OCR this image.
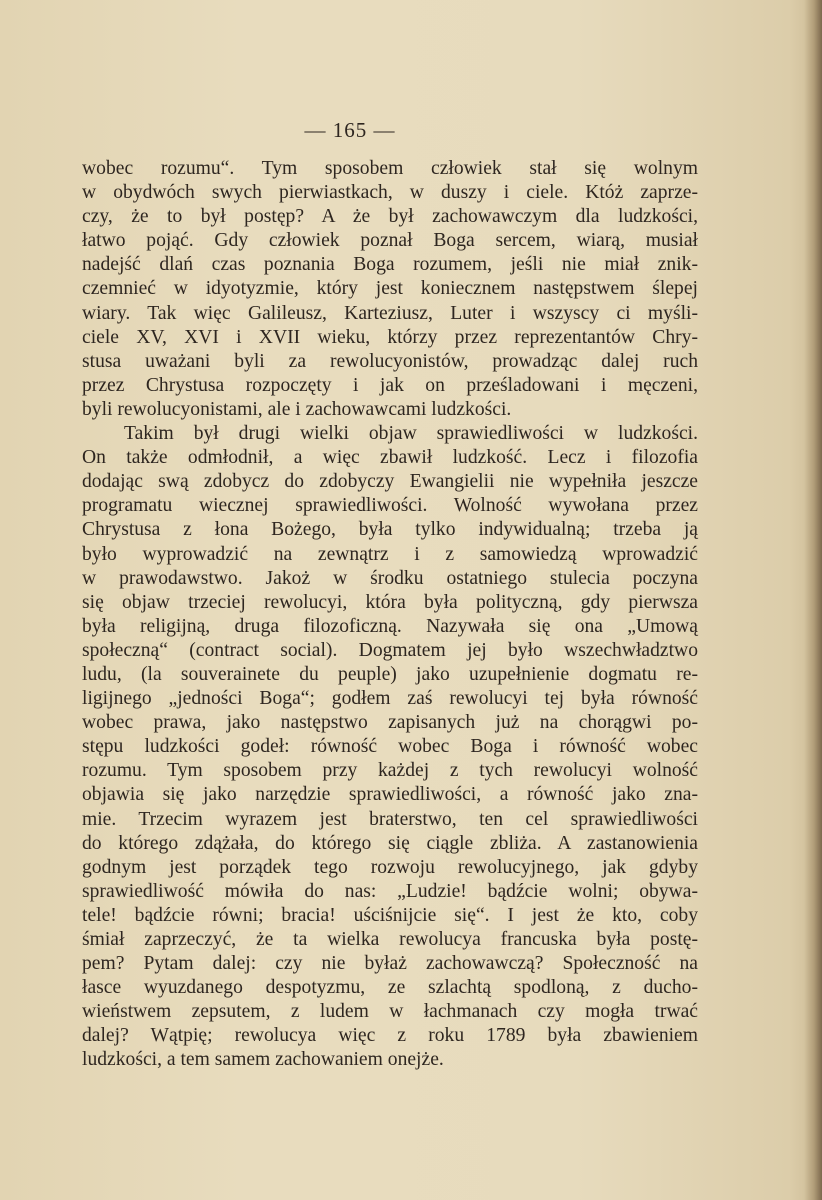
— 165 —
wobec rozumu“. Tym sposobem człowiek stał się wolnym
w obydwóch swych pierwiastkach, w duszy i ciele. Któż zaprze-
czy, że to był postęp? A że był zachowawczym dla ludzkości,
łatwo pojąć. Gdy człowiek poznał Boga sercem, wiarą, musiał
nadejść dlań czas poznania Boga rozumem, jeśli nie miał znik-
czemnieć w idyotyzmie, który jest koniecznem następstwem ślepej
wiary. Tak więc Galileusz, Karteziusz, Luter i wszyscy ci myśli-
ciele XV, XVI i XVII wieku, którzy przez reprezentantów Chry-
stusa uważani byli za rewolucyonistów, prowadząc dalej ruch
przez Chrystusa rozpoczęty i jak on prześladowani i męczeni,
byli rewolucyonistami, ale i zachowawcami ludzkości.
Takim był drugi wielki objaw sprawiedliwości w ludzkości.
On także odmłodnił, a więc zbawił ludzkość. Lecz i filozofia
dodając swą zdobycz do zdobyczy Ewangielii nie wypełniła jeszcze
programatu wiecznej sprawiedliwości. Wolność wywołana przez
Chrystusa z łona Bożego, była tylko indywidualną; trzeba ją
było wyprowadzić na zewnątrz i z samowiedzą wprowadzić
w prawodawstwo. Jakoż w środku ostatniego stulecia poczyna
się objaw trzeciej rewolucyi, która była polityczną, gdy pierwsza
była religijną, druga filozoficzną. Nazywała się ona „Umową
społeczną“ (contract social). Dogmatem jej było wszechwładztwo
ludu, (la souverainete du peuple) jako uzupełnienie dogmatu re-
ligijnego „jedności Boga“; godłem zaś rewolucyi tej była równość
wobec prawa, jako następstwo zapisanych już na chorągwi po-
stępu ludzkości godeł: równość wobec Boga i równość wobec
rozumu. Tym sposobem przy każdej z tych rewolucyi wolność
objawia się jako narzędzie sprawiedliwości, a równość jako zna-
mie. Trzecim wyrazem jest braterstwo, ten cel sprawiedliwości
do którego zdążała, do którego się ciągle zbliża. A zastanowienia
godnym jest porządek tego rozwoju rewolucyjnego, jak gdyby
sprawiedliwość mówiła do nas: „Ludzie! bądźcie wolni; obywa-
tele! bądźcie równi; bracia! uściśnijcie się“. I jest że kto, coby
śmiał zaprzeczyć, że ta wielka rewolucya francuska była postę-
pem? Pytam dalej: czy nie byłaż zachowawczą? Społeczność na
łasce wyuzdanego despotyzmu, ze szlachtą spodloną, z ducho-
wieństwem zepsutem, z ludem w łachmanach czy mogła trwać
dalej? Wątpię; rewolucya więc z roku 1789 była zbawieniem
ludzkości, a tem samem zachowaniem onejże.
